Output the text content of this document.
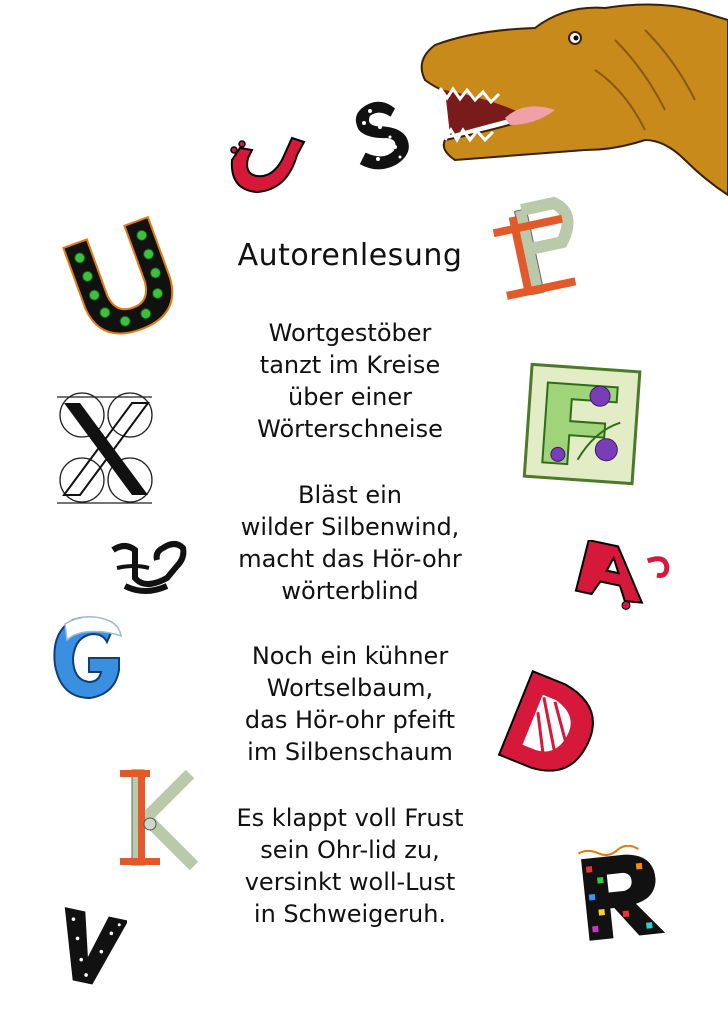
Autorenlesung
Wortgestöber
tanzt im Kreise
über einer
Wörterschneise
Bläst ein
wilder Silbenwind,
macht das Hör-ohr
wörterblind
Noch ein kühner
Wortselbaum,
das Hör-ohr pfeift
im Silbenschaum
Es klappt voll Frust
sein Ohr-lid zu,
versinkt woll-Lust
in Schweigeruh.
